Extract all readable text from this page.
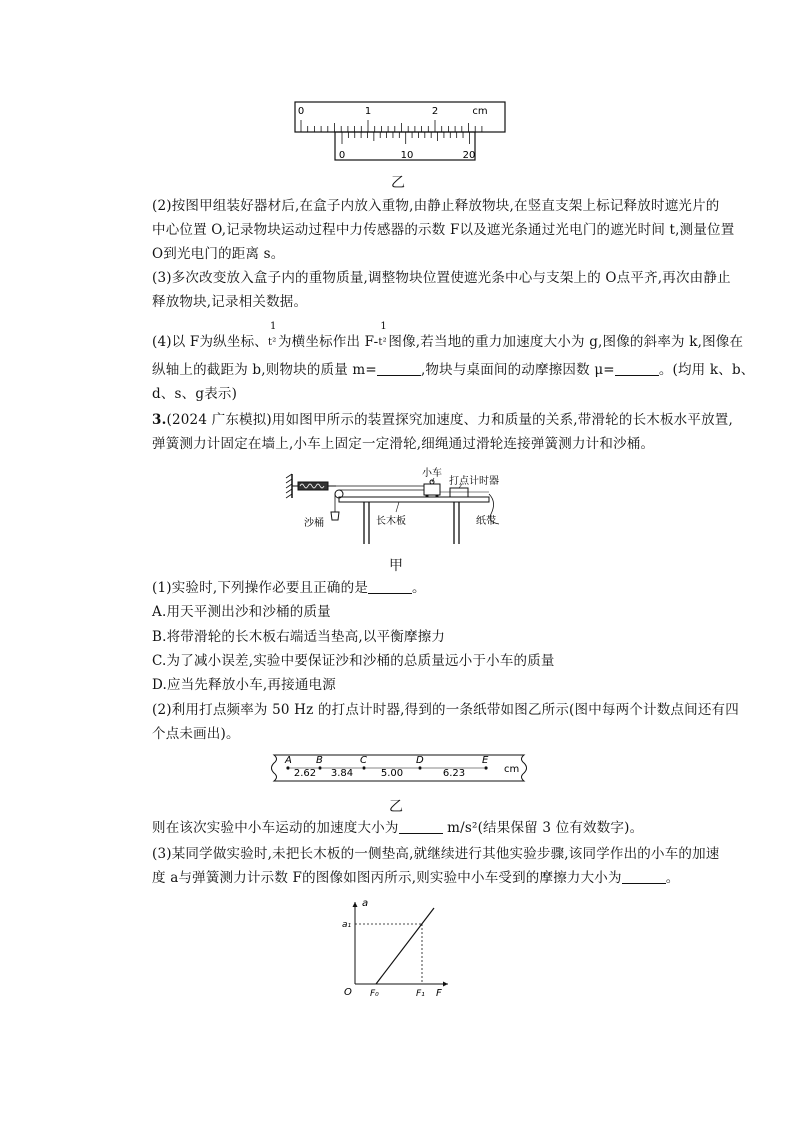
0	1	2	cm
0	10	20
乙
(2)按图甲组装好器材后,在盒子内放入重物,由静止释放物块,在竖直支架上标记释放时遮光片的
中心位置 O,记录物块运动过程中力传感器的示数 F以及遮光条通过光电门的遮光时间 t,测量位置
O到光电门的距离 s。
(3)多次改变放入盒子内的重物质量,调整物块位置使遮光条中心与支架上的 O点平齐,再次由静止
释放物块,记录相关数据。
(4)以 F为纵坐标、
1
t² 为横坐标作出 F-
1
t² 图像,若当地的重力加速度大小为 g,图像的斜率为 k,图像在
纵轴上的截距为 b,则物块的质量 m=	,物块与桌面间的动摩擦因数 μ=	。(均用 k、b、
d、s、g表示)
3.(2024 广东模拟)用如图甲所示的装置探究加速度、力和质量的关系,带滑轮的长木板水平放置,
弹簧测力计固定在墙上,小车上固定一定滑轮,细绳通过滑轮连接弹簧测力计和沙桶。
小车
打点计时器
沙桶	长木板	纸带
甲
(1)实验时,下列操作必要且正确的是	。
A.用天平测出沙和沙桶的质量
B.将带滑轮的长木板右端适当垫高,以平衡摩擦力
C.为了减小误差,实验中要保证沙和沙桶的总质量远小于小车的质量
D.应当先释放小车,再接通电源
(2)利用打点频率为 50 Hz 的打点计时器,得到的一条纸带如图乙所示(图中每两个计数点间还有四
个点未画出)。
A B	C	D	E
2.62 3.84	5.00	6.23	cm
乙
则在该次实验中小车运动的加速度大小为	m/s²(结果保留 3 位有效数字)。
(3)某同学做实验时,未把长木板的一侧垫高,就继续进行其他实验步骤,该同学作出的小车的加速
度 a与弹簧测力计示数 F的图像如图丙所示,则实验中小车受到的摩擦力大小为	。
a
F
O
a₁
F₀	F₁
